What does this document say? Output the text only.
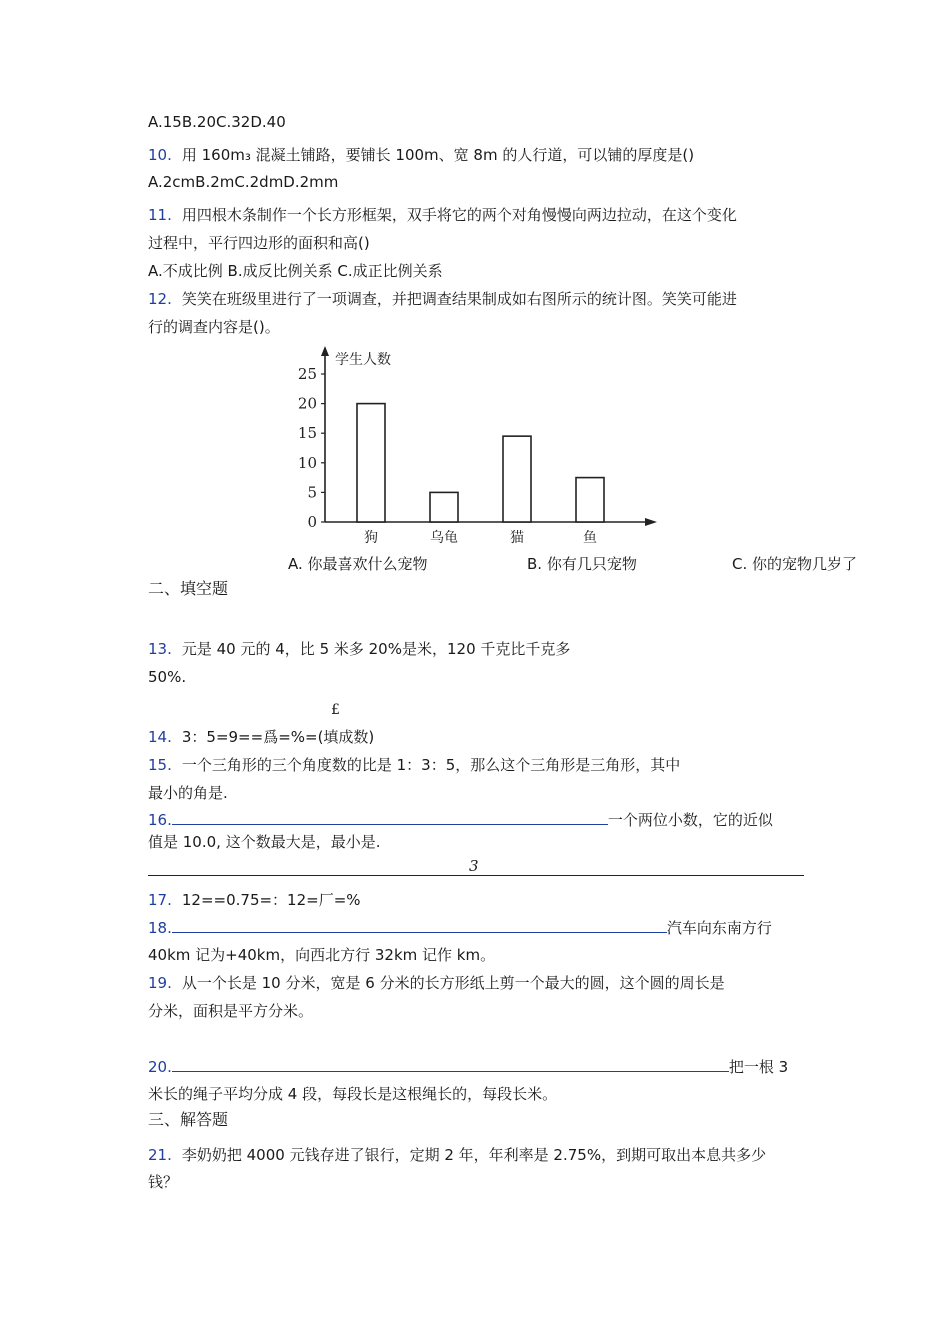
A.15B.20C.32D.40
10. 用 160m₃ 混凝土铺路，要铺长 100m、宽 8m 的人行道，可以铺的厚度是()
A.2cmB.2mC.2dmD.2mm
11. 用四根木条制作一个长方形框架，双手将它的两个对角慢慢向两边拉动，在这个变化
过程中，平行四边形的面积和高()
A.不成比例 B.成反比例关系 C.成正比例关系
12. 笑笑在班级里进行了一项调查，并把调查结果制成如右图所示的统计图。笑笑可能进
行的调查内容是()。
学生人数
0
5
10
15
20
25
狗	乌龟	猫	鱼
A. 你最喜欢什么宠物	B. 你有几只宠物	C. 你的宠物几岁了
二、填空题
13. 元是 40 元的 4，比 5 米多 20%是米，120 千克比千克多
50%.
£
14. 3：5=9==爲=%=(填成数)
15. 一个三角形的三个角度数的比是 1：3：5，那么这个三角形是三角形，其中
最小的角是.
16.	一个两位小数，它的近似
值是 10.0, 这个数最大是，最小是.
3
17. 12==0.75=：12=厂=%
18.	汽车向东南方行
40km 记为+40km，向西北方行 32km 记作 km。
19. 从一个长是 10 分米，宽是 6 分米的长方形纸上剪一个最大的圆，这个圆的周长是
分米，面积是平方分米。
20.	把一根 3
米长的绳子平均分成 4 段，每段长是这根绳长的，每段长米。
三、解答题
21. 李奶奶把 4000 元钱存进了银行，定期 2 年，年利率是 2.75%，到期可取出本息共多少
钱？
